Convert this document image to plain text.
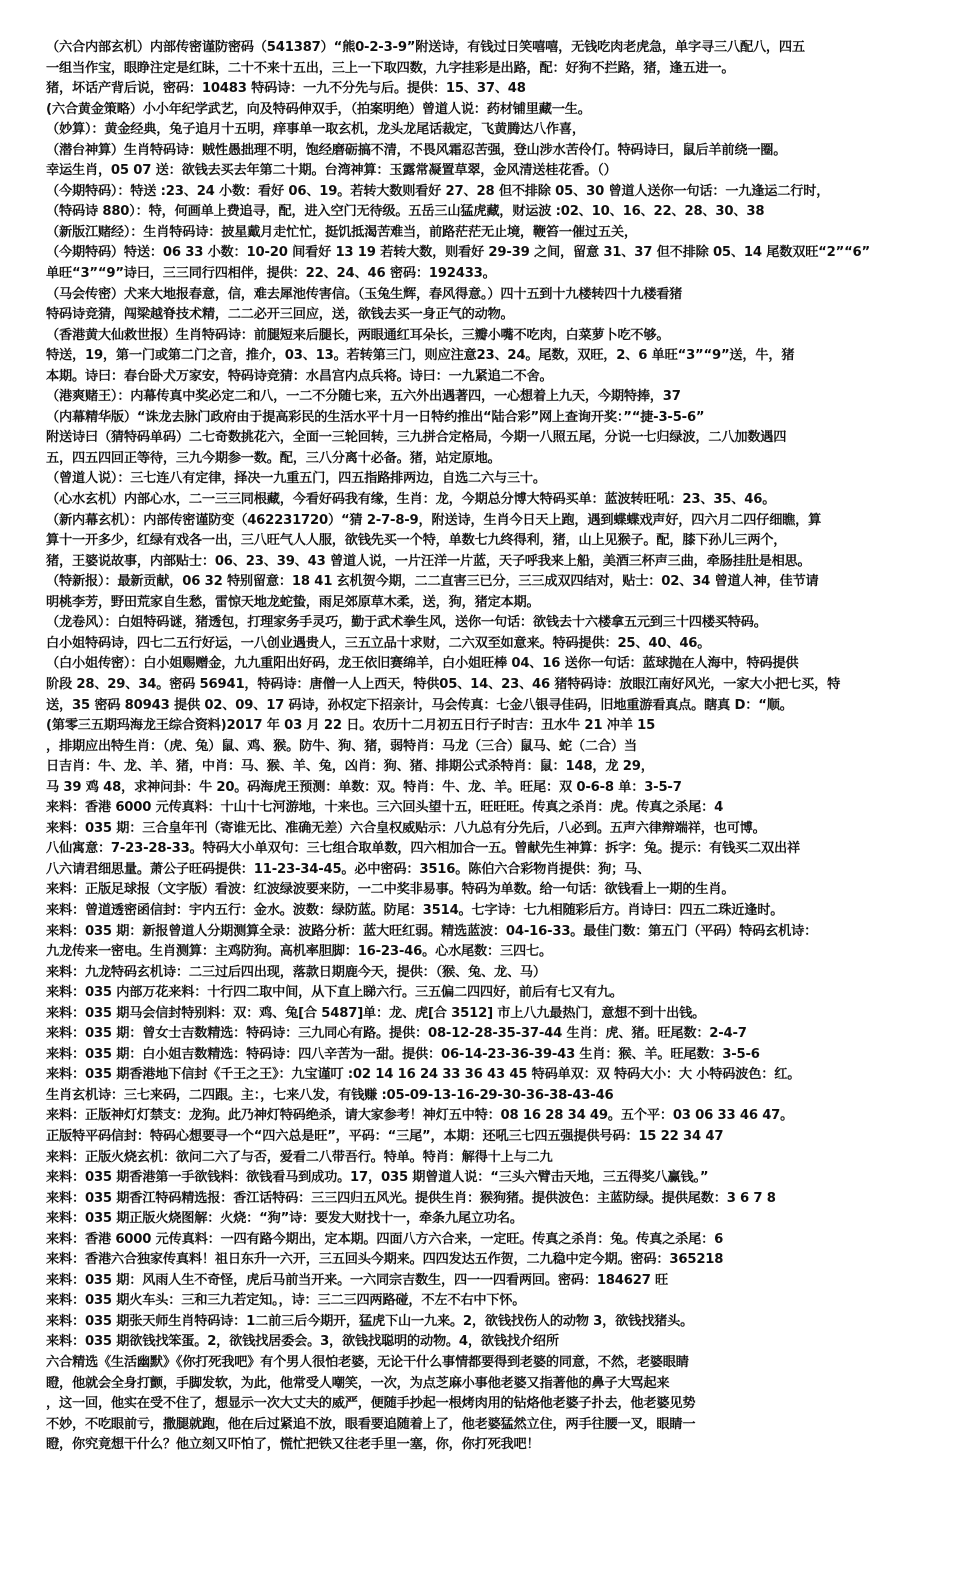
（六合内部玄机）内部传密谨防密码（541387）“熊0-2-3-9”附送诗，有钱过日笑嘻嘻，无钱吃肉老虎急，单字寻三八配八，四五
一组当作宝，眼睁注定是红眛，二十不来十五出，三上一下取四数，九字挂彩是出路，配：好狗不拦路，猪，逢五进一。
猪，坏话产背后说，密码：10483 特码诗：一九不分先与后。提供：15、37、48
(六合黄金策略）小小年纪学武艺，向及特码伸双手，（拍案明绝）曾道人说：药材铺里藏一生。
（妙算）：黄金经典，兔子追月十五明，痒事单一取玄机，龙头龙尾话裁定，飞黄腾达八作喜，
（潜台神算）生肖特码诗：贼性愚拙理不明，饱经磨砺搞不清，不畏风霜忍苦强，登山涉水苦伶仃。特码诗曰，鼠后羊前绕一圈。
幸运生肖，05 07 送：欲钱去买去年第二十期。台湾神算：玉露常凝置草翠，金风清送桂花香。（）
（今期特码）：特送 :23、24 小数：看好 06、19。若转大数则看好 27、28 但不排除 05、30 曾道人送你一句话：一九逢运二行时，
（特码诗 880）：特，何画单上费追寻，配，进入空门无待级。五岳三山猛虎藏，财运波 :02、10、16、22、28、30、38
（新版江赌经）：生肖特码诗：披星戴月走忙忙，挺饥抵渴苦难当，前路茫茫无止境，鞭笞一催过五关，
（今期特码）特送：06 33 小数：10-20 间看好 13 19 若转大数，则看好 29-39 之间，留意 31、37 但不排除 05、14 尾数双旺“2”“6”
单旺“3”“9”诗曰，三三同行四相伴，提供：22、24、46 密码：192433。
（马会传密）犬来大地报春意，信，难去犀池传害信。（玉兔生辉，春风得意。）四十五到十九楼转四十九楼看猪
特码诗竞猜，闯梁越脊技术精，二二必开三回应，送，欲钱去买一身正气的动物。
（香港黄大仙救世报）生肖特码诗：前腿短来后腿长，两眼通红耳朵长，三瓣小嘴不吃肉，白菜萝卜吃不够。
特送，19，第一门或第二门之音，推介，03、13。若转第三门，则应注意23、24。尾数，双旺，2、6 单旺“3”“9”送，牛，猪
本期。诗曰：春台卧犬万家安，特码诗竞猜：水昌宫内点兵将。诗曰：一九紧追二不舍。
（港爽赌王）：内幕传真中奖必定二和八，一二不分随七来，五六外出遇著四，一心想着上九天，今期特捧，37
（内幕精华版）“诛龙去脉门政府由于提高彩民的生活水平十月一日特约推出“陆合彩”网上查询开奖：”“捷-3-5-6”
附送诗曰（猜特码单码）二七奇数挑花六，全面一三轮回转，三九拼合定格局，今期一八照五尾，分说一七归绿波，二八加数遇四
五，四五四回正等待，三九今期参一数。配，三八分离十必备。猪，站定原地。
（曾道人说）：三七连八有定律，择决一九重五门，四五指路排两边，自选二六与三十。
（心水玄机）内部心水，二一三三同根藏，今看好码我有缘，生肖：龙，今期总分博大特码买单：蓝波转旺吼：23、35、46。
（新内幕玄机）：内部传密谨防变（462231720）“猜 2-7-8-9，附送诗，生肖今日天上跑，遇到蝶蝶戏声好，四六月二四仔细瞧，算
算十一开多少，红绿有戏各一出，三八旺气人人服，欲钱先买一个特，单数七九终得利，猪，山上见猴子。配，膝下孙儿三两个，
猪，王婆说故事，内部贴士：06、23、39、43 曾道人说，一片汪洋一片蓝，天子呼我来上船，美酒三杯声三曲，牵肠挂肚是相思。
（特新报）：最新贡献，06 32 特别留意：18 41 玄机贺今期，二二直害三已分，三三成双四结对，贴士：02、34 曾道人神，佳节请
明桃李芳，野田荒家自生愁，雷惊天地龙蛇蛰，雨足郊原草木柔，送，狗，猪定本期。
（龙卷风）：白姐特码谜，猪透包，打理家务手灵巧，勤于武术拳生风，送你一句话：欲钱去十六楼拿五元到三十四楼买特码。
白小姐特码诗，四七二五行好运，一八创业遇贵人，三五立品十求财，二六双至如意来。特码提供：25、40、46。
（白小姐传密）：白小姐赐赠金，九九重阳出好码，龙王依旧赛绵羊，白小姐旺棒 04、16 送你一句话：蓝球抛在人海中，特码提供
阶段 28、29、34。密码 56941，特码诗：唐僧一人上西天，特供05、14、23、46 猪特码诗：放眼江南好风光，一家大小把七买，特
送，35 密码 80943 提供 02、09、17 码诗，孙权定下招亲计，马会传真：七金八银寻佳码，旧地重游看真点。瞎真 D：“顺。
(第零三五期玛海龙王综合资料)2017 年 03 月 22 日。农历十二月初五日行子时吉：丑水牛 21 冲羊 15
，排期应出特生肖：（虎、兔）鼠、鸡、猴。防牛、狗、猪，弱特肖：马龙（三合）鼠马、蛇（二合）当
日吉肖：牛、龙、羊、猪，中肖：马、猴、羊、兔，凶肖：狗、猪、排期公式杀特肖：鼠：148，龙 29，
马 39 鸡 48，求神问卦：牛 20。码海虎王预测：单数：双。特肖：牛、龙、羊。旺尾：双 0-6-8 单：3-5-7
来料：香港 6000 元传真料：十山十七河游地，十来也。三六回头望十五，旺旺旺。传真之杀肖：虎。传真之杀尾：4
来料：035 期：三合皇年刊（寄谁无比、准确无差）六合皇权威贴示：八九总有分先后，八必到。五声六律辩端祥，也可博。
八仙寓意：7-23-28-33。特码大小单双句：三七组合取单数，四六相加合一五。曾献先生神算：拆字：兔。提示：有钱买二双出祥
八六请君细思量。萧公子旺码提供：11-23-34-45。必中密码：3516。陈伯六合彩物肖提供：狗；马、
来料：正版足球报（文字版）看波：红波绿波要来防，一二中奖非易事。特码为单数。给一句话：欲钱看上一期的生肖。
来料：曾道透密函信封：宇内五行：金水。波数：绿防蓝。防尾：3514。七字诗：七九相随彩后方。肖诗曰：四五二珠近逢时。
来料：035 期：新报曾道人分期测算全录：波路分析：蓝大旺红弱。精选蓝波：04-16-33。最佳门数：第五门（平码）特码玄机诗：
九龙传来一密电。生肖测算：主鸡防狗。高机率胆脚：16-23-46。心水尾数：三四七。
来料：九龙特码玄机诗：二三过后四出现，落款日期鹿今天，提供：（猴、兔、龙、马）
来料：035 内部万花来料：十行四二取中间，从下直上睇六行。三五偏二四四好，前后有七又有九。
来料：035 期马会信封特别料：双：鸡、兔[合 5487]单：龙、虎[合 3512] 市上八九最热门，意想不到十出钱。
来料：035 期：曾女士吉数精选：特码诗：三九同心有路。提供：08-12-28-35-37-44 生肖：虎、猪。旺尾数：2-4-7
来料：035 期：白小姐吉数精选：特码诗：四八辛苦为一甜。提供：06-14-23-36-39-43 生肖：猴、羊。旺尾数：3-5-6
来料：035 期香港地下信封《千王之王》：九宝谨叮 :02 14 16 24 33 36 43 45 特码单双：双 特码大小：大 小特码波色：红。
生肖玄机诗：三七来码，二四跟。主：，七来八发，有钱赚 :05-09-13-16-29-30-36-38-43-46
来料：正版神灯灯禁支：龙狗。此乃神灯特码绝杀，请大家参考！神灯五中特：08 16 28 34 49。五个平：03 06 33 46 47。
正版特平码信封：特码心想要寻一个“四六总是旺”，平码：“三尾”，本期：还吼三七四五强提供号码：15 22 34 47
来料：正版火烧玄机：欲问二六了与否，爱看二八带吾行。特单。特肖：解得十上与二九
来料：035 期香港第一手欲钱料：欲钱看马到成功。17，035 期曾道人说：“三头六臂击天地，三五得奖八赢钱。”
来料：035 期香江特码精选报：香江话特码：三三四归五风光。提供生肖：猴狗猪。提供波色：主蓝防绿。提供尾数：3 6 7 8
来料：035 期正版火烧图解：火烧：“狗”诗：要发大财找十一，牵条九尾立功名。
来料：香港 6000 元传真料：一四有路今期出，定本期。四面八方六合来，一定旺。传真之杀肖：兔。传真之杀尾：6
来料：香港六合独家传真料！祖日东升一六开，三五回头今期来。四四发达五作贺，二九稳中定今期。密码：365218
来料：035 期：风雨人生不奇怪，虎后马前当开来。一六同宗吉数生，四一一四看两回。密码：184627 旺
来料：035 期火车头：三和三九若定知。，诗：三二三四两路碰，不左不右中下怀。
来料：035 期张天师生肖特码诗：1二前三后今期开，猛虎下山一九来。2，欲钱找伤人的动物 3，欲钱找猪头。
来料：035 期欲钱找笨蛋。2，欲钱找居委会。3，欲钱找聪明的动物。4，欲钱找介绍所
六合精选《生活幽默》《你打死我吧》有个男人很怕老婆，无论干什么事情都要得到老婆的同意，不然，老婆眼睛
瞪，他就会全身打颤，手脚发软，为此，他常受人嘲笑，一次，为点芝麻小事他老婆又指著他的鼻子大骂起来
，这一回，他实在受不住了，想显示一次大丈夫的威严，便随手抄起一根烤肉用的钻烙他老婆子扑去，他老婆见势
不妙，不吃眼前亏，撒腿就跑，他在后过紧追不放，眼看要追随着上了，他老婆猛然立住，两手往腰一叉，眼睛一
瞪，你究竟想干什么？他立刻又吓怕了，慌忙把铁又往老手里一塞，你，你打死我吧！
